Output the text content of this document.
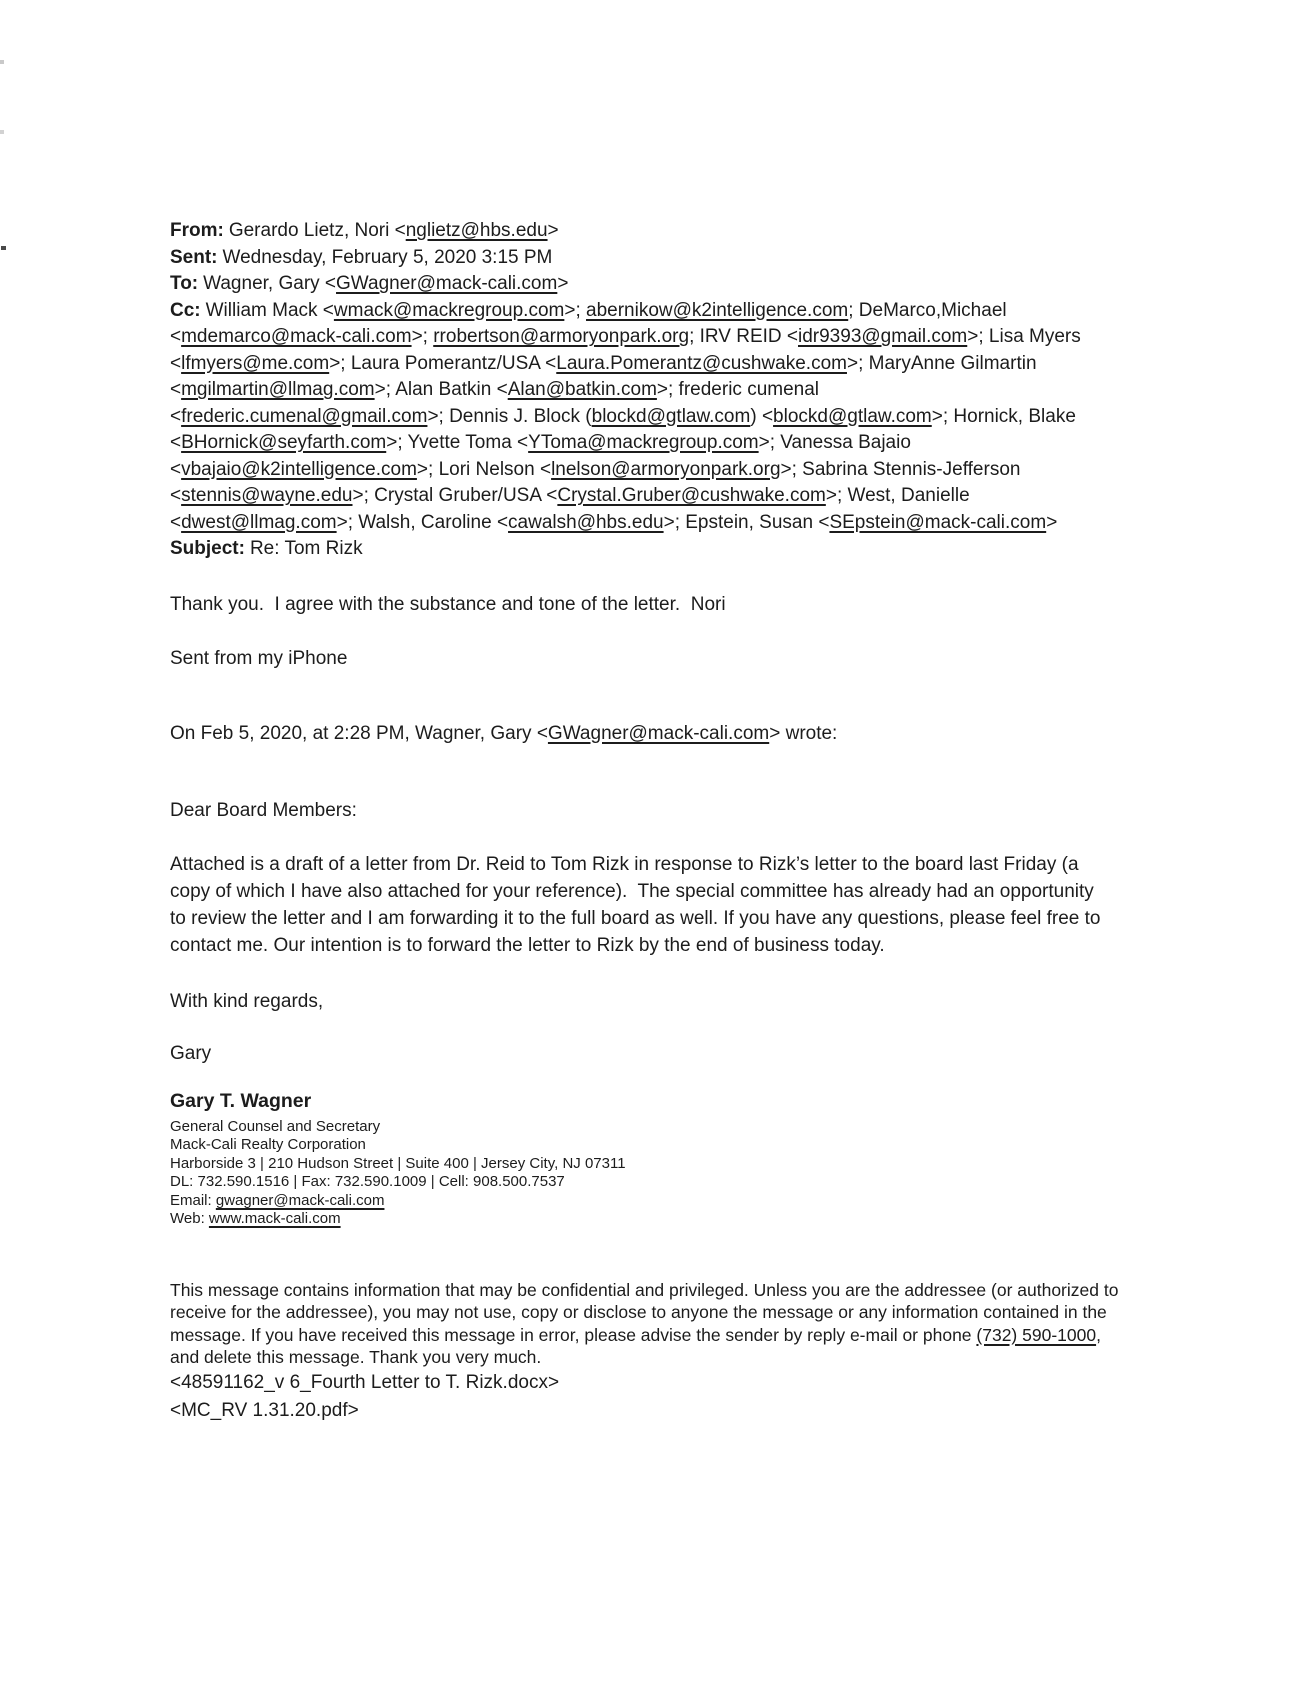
From: Gerardo Lietz, Nori <nglietz@hbs.edu>

Sent: Wednesday, February 5, 2020 3:15 PM

To: Wagner, Gary <GWagner@mack-cali.com>

Cc: William Mack <wmack@mackregroup.com>; abernikow@k2intelligence.com; DeMarco,Michael <mdemarco@mack-cali.com>; rrobertson@armoryonpark.org; IRV REID <idr9393@gmail.com>; Lisa Myers <lfmyers@me.com>; Laura Pomerantz/USA <Laura.Pomerantz@cushwake.com>; MaryAnne Gilmartin <mgilmartin@llmag.com>; Alan Batkin <Alan@batkin.com>; frederic cumenal <frederic.cumenal@gmail.com>; Dennis J. Block (blockd@gtlaw.com) <blockd@gtlaw.com>; Hornick, Blake <BHornick@seyfarth.com>; Yvette Toma <YToma@mackregroup.com>; Vanessa Bajaio <vbajaio@k2intelligence.com>; Lori Nelson <lnelson@armoryonpark.org>; Sabrina Stennis-Jefferson <stennis@wayne.edu>; Crystal Gruber/USA <Crystal.Gruber@cushwake.com>; West, Danielle <dwest@llmag.com>; Walsh, Caroline <cawalsh@hbs.edu>; Epstein, Susan <SEpstein@mack-cali.com>

Subject: Re: Tom Rizk

Thank you.  I agree with the substance and tone of the letter.  Nori

Sent from my iPhone

On Feb 5, 2020, at 2:28 PM, Wagner, Gary <GWagner@mack-cali.com> wrote:

Dear Board Members:

Attached is a draft of a letter from Dr. Reid to Tom Rizk in response to Rizk’s letter to the board last Friday (a copy of which I have also attached for your reference).  The special committee has already had an opportunity to review the letter and I am forwarding it to the full board as well. If you have any questions, please feel free to contact me. Our intention is to forward the letter to Rizk by the end of business today.

With kind regards,

Gary

Gary T. Wagner

General Counsel and Secretary

Mack-Cali Realty Corporation

Harborside 3 | 210 Hudson Street | Suite 400 | Jersey City, NJ 07311

DL: 732.590.1516 | Fax: 732.590.1009 | Cell: 908.500.7537

Email: gwagner@mack-cali.com

Web: www.mack-cali.com

This message contains information that may be confidential and privileged. Unless you are the addressee (or authorized to receive for the addressee), you may not use, copy or disclose to anyone the message or any information contained in the message. If you have received this message in error, please advise the sender by reply e-mail or phone (732) 590-1000, and delete this message. Thank you very much.

<48591162_v 6_Fourth Letter to T. Rizk.docx>

<MC_RV 1.31.20.pdf>
